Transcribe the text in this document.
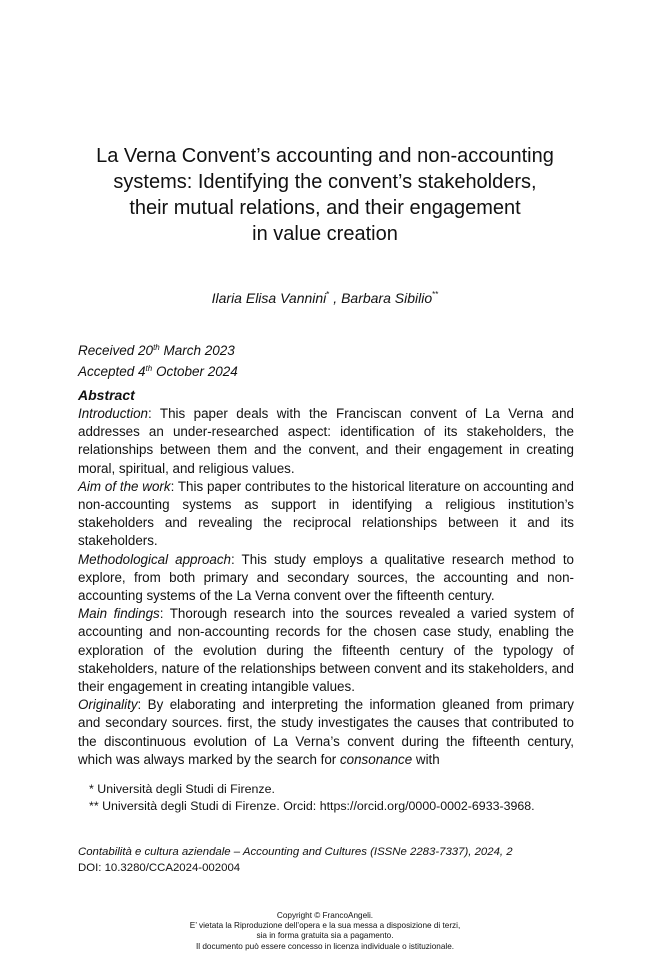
La Verna Convent’s accounting and non-accounting
systems: Identifying the convent’s stakeholders,
their mutual relations, and their engagement
in value creation
Ilaria Elisa Vannini* , Barbara Sibilio**
Received 20th March 2023
Accepted 4th October 2024
Abstract

Introduction: This paper deals with the Franciscan convent of La Verna and addresses an under-researched aspect: identification of its stakeholders, the relationships between them and the convent, and their engagement in creating moral, spiritual, and religious values.

Aim of the work: This paper contributes to the historical literature on accounting and non-accounting systems as support in identifying a religious institution’s stakeholders and revealing the reciprocal relationships between it and its stakeholders.

Methodological approach: This study employs a qualitative research method to explore, from both primary and secondary sources, the accounting and non-accounting systems of the La Verna convent over the fifteenth century.

Main findings: Thorough research into the sources revealed a varied system of accounting and non-accounting records for the chosen case study, enabling the exploration of the evolution during the fifteenth century of the typology of stakeholders, nature of the relationships between convent and its stakeholders, and their engagement in creating intangible values.

Originality: By elaborating and interpreting the information gleaned from primary and secondary sources. first, the study investigates the causes that contributed to the discontinuous evolution of La Verna’s convent during the fifteenth century, which was always marked by the search for consonance with

* Università degli Studi di Firenze.

** Università degli Studi di Firenze. Orcid: https://orcid.org/0000-0002-6933-3968.

Contabilità e cultura aziendale – Accounting and Cultures (ISSNe 2283-7337), 2024, 2
DOI: 10.3280/CCA2024-002004

Copyright © FrancoAngeli.

E’ vietata la Riproduzione dell’opera e la sua messa a disposizione di terzi,

sia in forma gratuita sia a pagamento.

Il documento può essere concesso in licenza individuale o istituzionale.
